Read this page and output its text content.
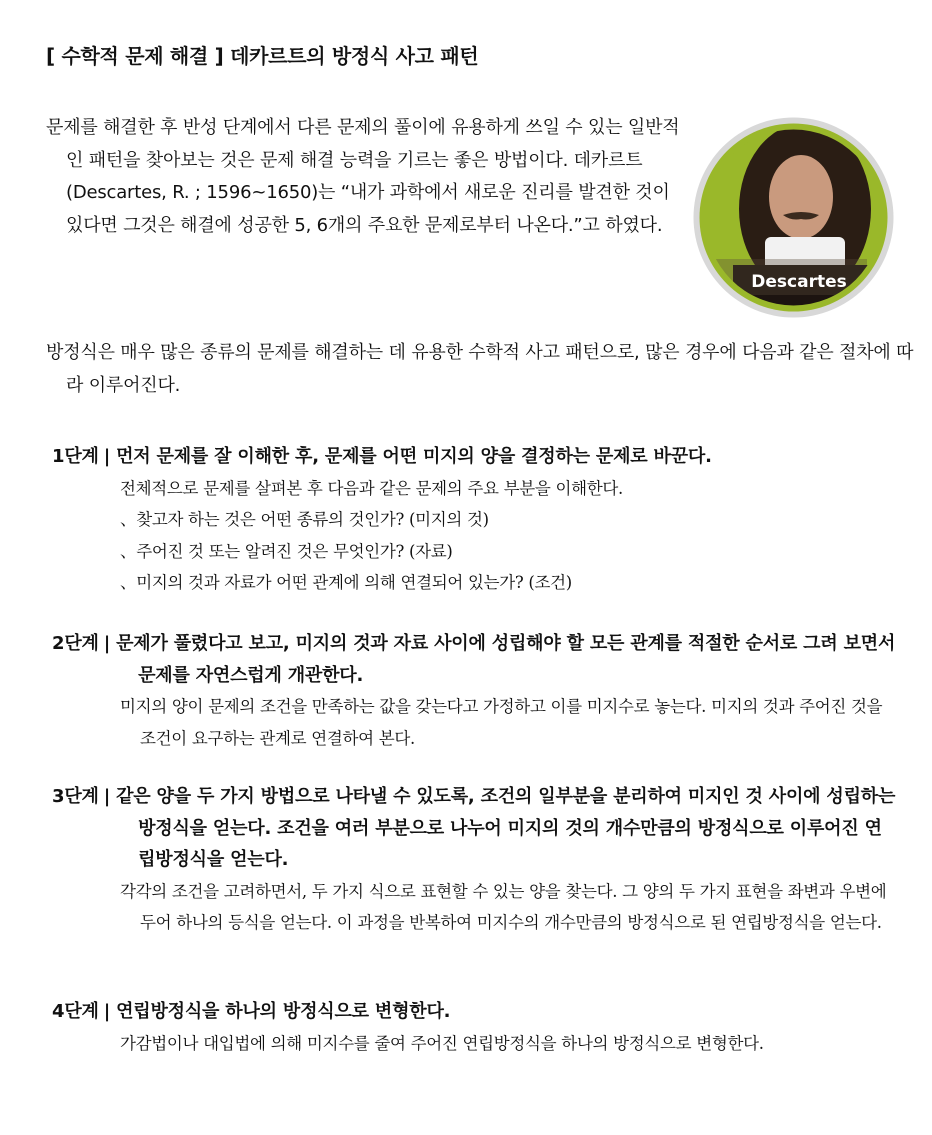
[ 수학적 문제 해결 ] 데카르트의 방정식 사고 패턴
문제를 해결한 후 반성 단계에서 다른 문제의 풀이에 유용하게 쓰일 수 있는 일반적인 패턴을 찾아보는 것은 문제 해결 능력을 기르는 좋은 방법이다. 데카르트(Descartes, R. ; 1596~1650)는 “내가 과학에서 새로운 진리를 발견한 것이 있다면 그것은 해결에 성공한 5, 6개의 주요한 문제로부터 나온다.”고 하였다.
Descartes
방정식은 매우 많은 종류의 문제를 해결하는 데 유용한 수학적 사고 패턴으로, 많은 경우에 다음과 같은 절차에 따라 이루어진다.
1단계 | 먼저 문제를 잘 이해한 후, 문제를 어떤 미지의 양을 결정하는 문제로 바꾼다.
전체적으로 문제를 살펴본 후 다음과 같은 문제의 주요 부분을 이해한다.
、찾고자 하는 것은 어떤 종류의 것인가? (미지의 것)
、주어진 것 또는 알려진 것은 무엇인가? (자료)
、미지의 것과 자료가 어떤 관계에 의해 연결되어 있는가? (조건)
2단계 | 문제가 풀렸다고 보고, 미지의 것과 자료 사이에 성립해야 할 모든 관계를 적절한 순서로 그려 보면서 문제를 자연스럽게 개관한다.
미지의 양이 문제의 조건을 만족하는 값을 갖는다고 가정하고 이를 미지수로 놓는다. 미지의 것과 주어진 것을 조건이 요구하는 관계로 연결하여 본다.
3단계 | 같은 양을 두 가지 방법으로 나타낼 수 있도록, 조건의 일부분을 분리하여 미지인 것 사이에 성립하는 방정식을 얻는다. 조건을 여러 부분으로 나누어 미지의 것의 개수만큼의 방정식으로 이루어진 연립방정식을 얻는다.
각각의 조건을 고려하면서, 두 가지 식으로 표현할 수 있는 양을 찾는다. 그 양의 두 가지 표현을 좌변과 우변에 두어 하나의 등식을 얻는다. 이 과정을 반복하여 미지수의 개수만큼의 방정식으로 된 연립방정식을 얻는다.
4단계 | 연립방정식을 하나의 방정식으로 변형한다.
가감법이나 대입법에 의해 미지수를 줄여 주어진 연립방정식을 하나의 방정식으로 변형한다.
